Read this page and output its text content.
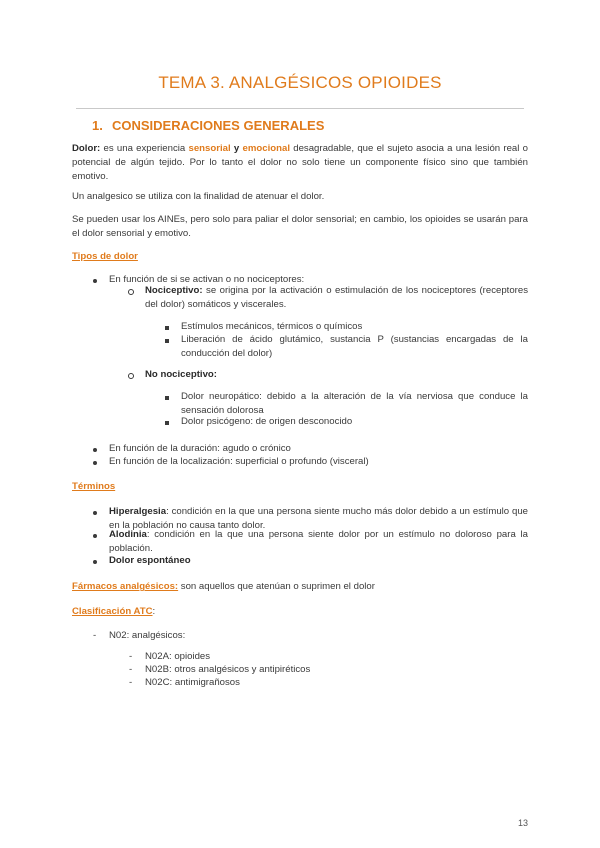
TEMA 3. ANALGÉSICOS OPIOIDES
1. CONSIDERACIONES GENERALES
Dolor: es una experiencia sensorial y emocional desagradable, que el sujeto asocia a una lesión real o potencial de algún tejido. Por lo tanto el dolor no solo tiene un componente físico sino que también emotivo.
Un analgesico se utiliza con la finalidad de atenuar el dolor.
Se pueden usar los AINEs, pero solo para paliar el dolor sensorial; en cambio, los opioides se usarán para el dolor sensorial y emotivo.
Tipos de dolor
En función de si se activan o no nociceptores:
Nociceptivo: se origina por la activación o estimulación de los nociceptores (receptores del dolor) somáticos y viscerales.
Estímulos mecánicos, térmicos o químicos
Liberación de ácido glutámico, sustancia P (sustancias encargadas de la conducción del dolor)
No nociceptivo:
Dolor neuropático: debido a la alteración de la vía nerviosa que conduce la sensación dolorosa
Dolor psicógeno: de origen desconocido
En función de la duración: agudo o crónico
En función de la localización: superficial o profundo (visceral)
Términos
Hiperalgesia: condición en la que una persona siente mucho más dolor debido a un estímulo que en la población no causa tanto dolor.
Alodinia: condición en la que una persona siente dolor por un estímulo no doloroso para la población.
Dolor espontáneo
Fármacos analgésicos: son aquellos que atenúan o suprimen el dolor
Clasificación ATC:
- N02: analgésicos:
- N02A: opioides
- N02B: otros analgésicos y antipiréticos
- N02C: antimigrañosos
13
